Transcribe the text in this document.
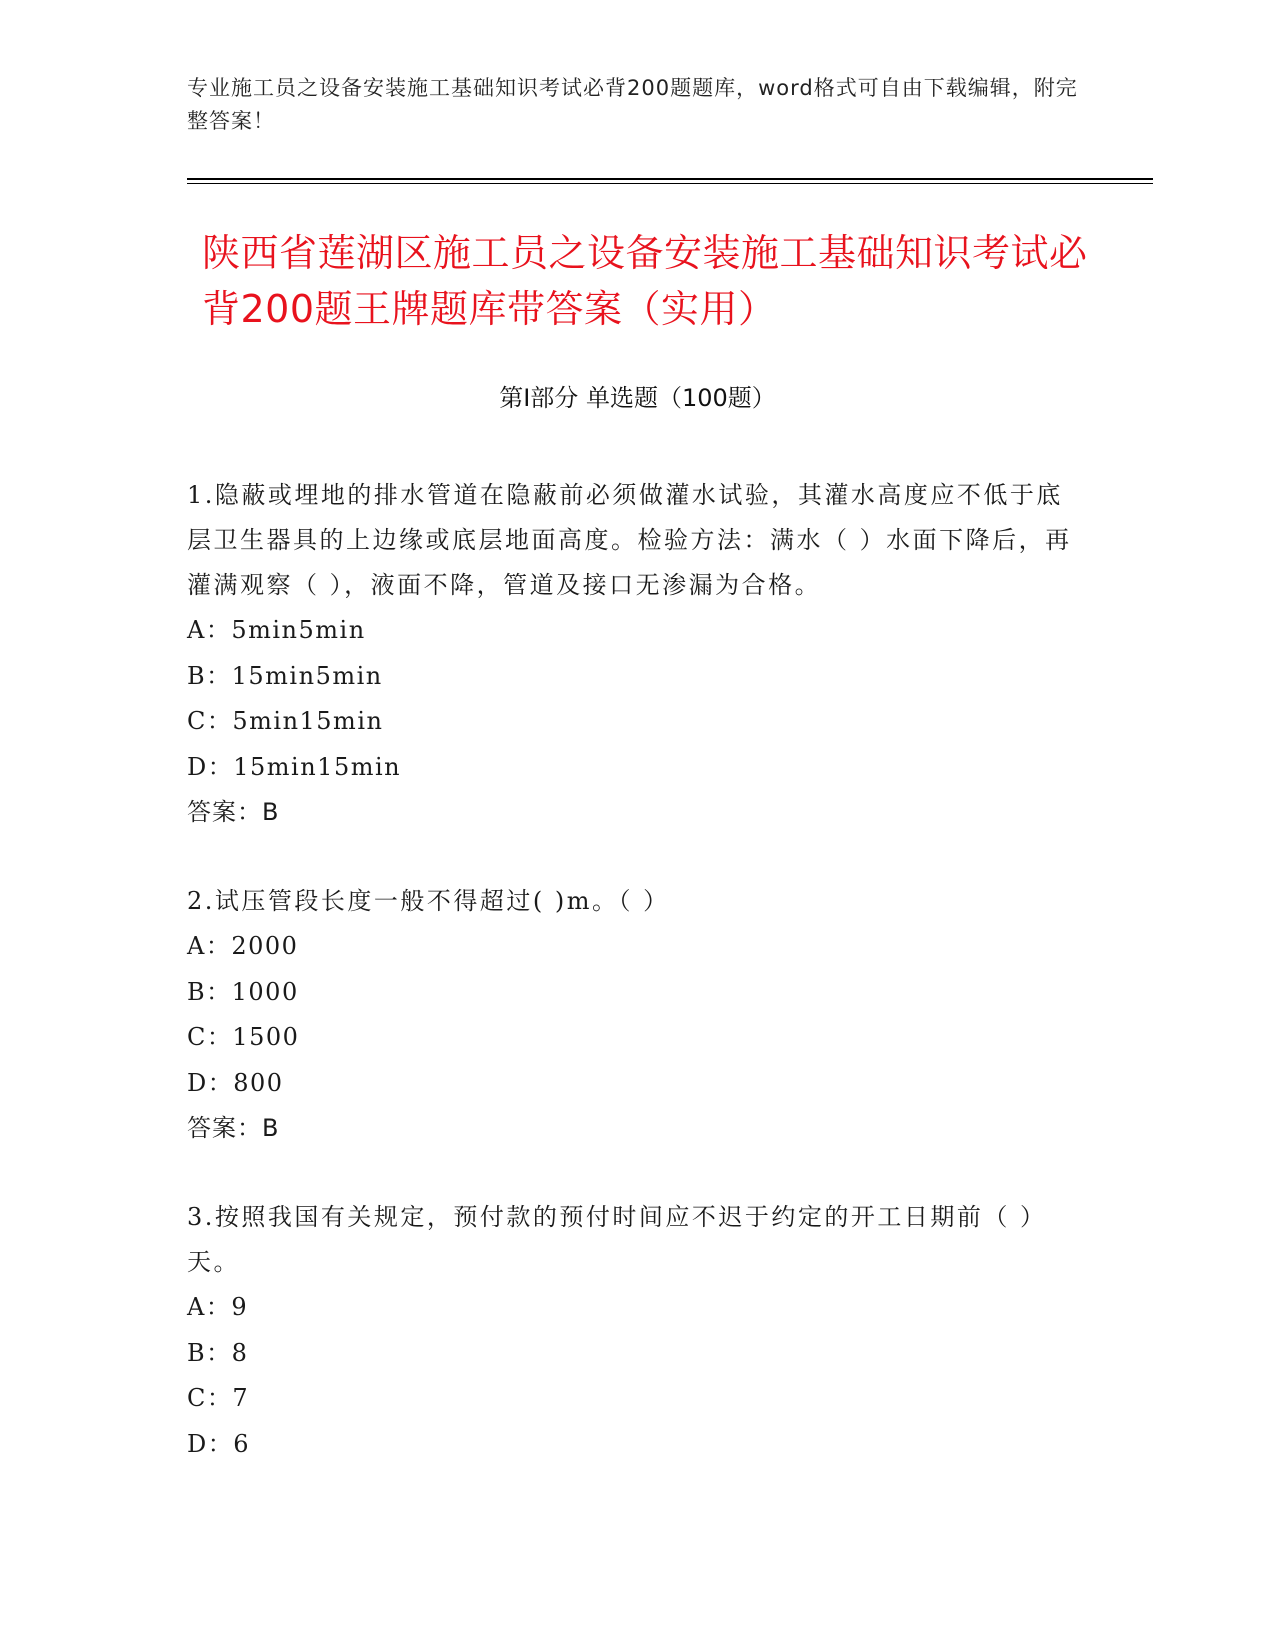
专业施工员之设备安装施工基础知识考试必背200题题库，word格式可自由下载编辑，附完整答案！
陕西省莲湖区施工员之设备安装施工基础知识考试必背200题王牌题库带答案（实用）
第Ⅰ部分 单选题（100题）

1.隐蔽或埋地的排水管道在隐蔽前必须做灌水试验，其灌水高度应不低于底层卫生器具的上边缘或底层地面高度。检验方法：满水（ ）水面下降后，再灌满观察（ ），液面不降，管道及接口无渗漏为合格。

A：5min5min
B：15min5min
C：5min15min
D：15min15min
答案：B

2.试压管段长度一般不得超过( )m。（ ）

A：2000
B：1000
C：1500
D：800
答案：B

3.按照我国有关规定，预付款的预付时间应不迟于约定的开工日期前（ ）天。

A：9
B：8
C：7
D：6
